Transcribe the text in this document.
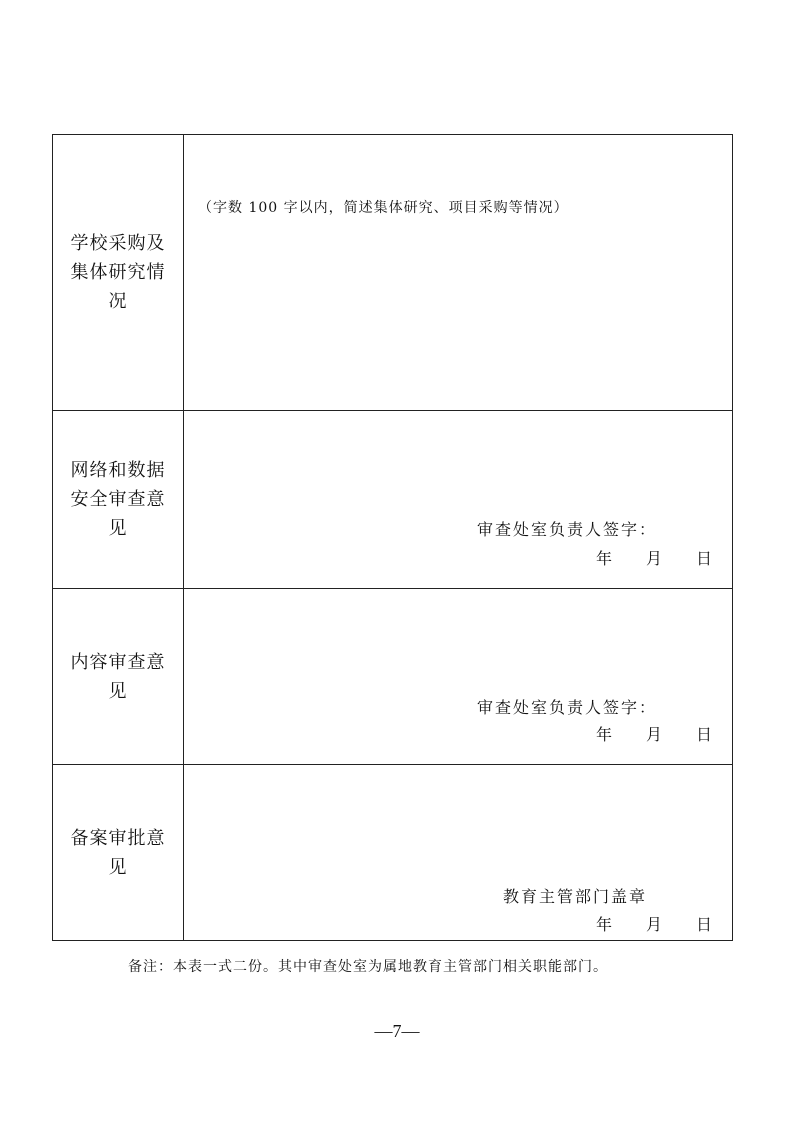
学校采购及集体研究情况
（字数 100 字以内，简述集体研究、项目采购等情况）
网络和数据安全审查意见	审查处室负责人签字：
年 月 日
内容审查意见
审查处室负责人签字：
年 月 日
备案审批意见
教育主管部门盖章
年 月 日
备注：本表一式二份。其中审查处室为属地教育主管部门相关职能部门。
—7—
